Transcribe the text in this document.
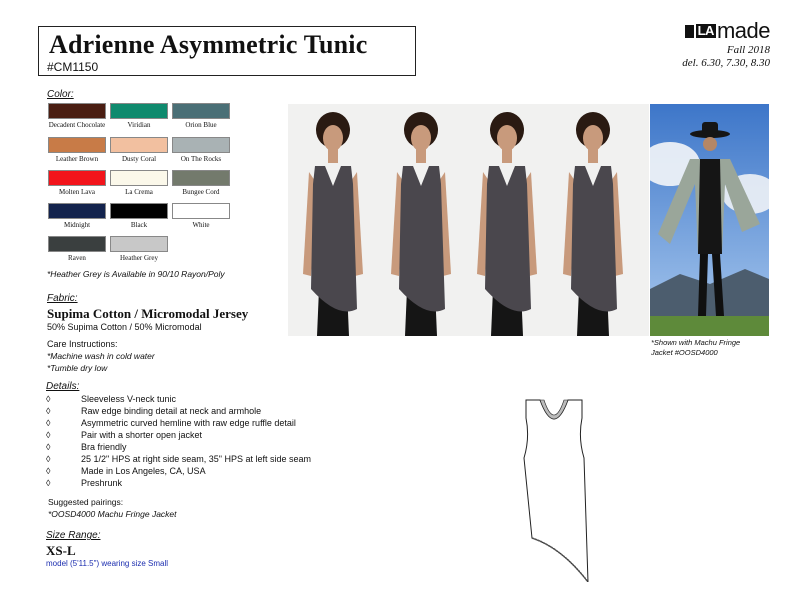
Adrienne Asymmetric Tunic
#CM1150
LA made
Fall 2018
del. 6.30, 7.30, 8.30
Color:
Decadent Chocolate	Viridian	Orion Blue
Leather Brown	Dusty Coral	On The Rocks
Molten Lava	La Crema	Bungee Cord
Midnight	Black	White
Raven	Heather Grey
*Heather Grey is Available in 90/10 Rayon/Poly
Fabric:
Supima Cotton / Micromodal Jersey
50% Supima Cotton / 50% Micromodal
Care Instructions:
*Machine wash in cold water
*Tumble dry low
Details:
◊	Sleeveless V-neck tunic
◊	Raw edge binding detail at neck and armhole
◊	Asymmetric curved hemline with raw edge ruffle detail
◊	Pair with a shorter open jacket
◊	Bra friendly
◊	25 1/2" HPS at right side seam, 35" HPS at left side seam
◊	Made in Los Angeles, CA, USA
◊	Preshrunk
Suggested pairings:
*OOSD4000 Machu Fringe Jacket
Size Range:
XS-L
model (5'11.5") wearing size Small
*Shown with Machu Fringe
Jacket #OOSD4000
